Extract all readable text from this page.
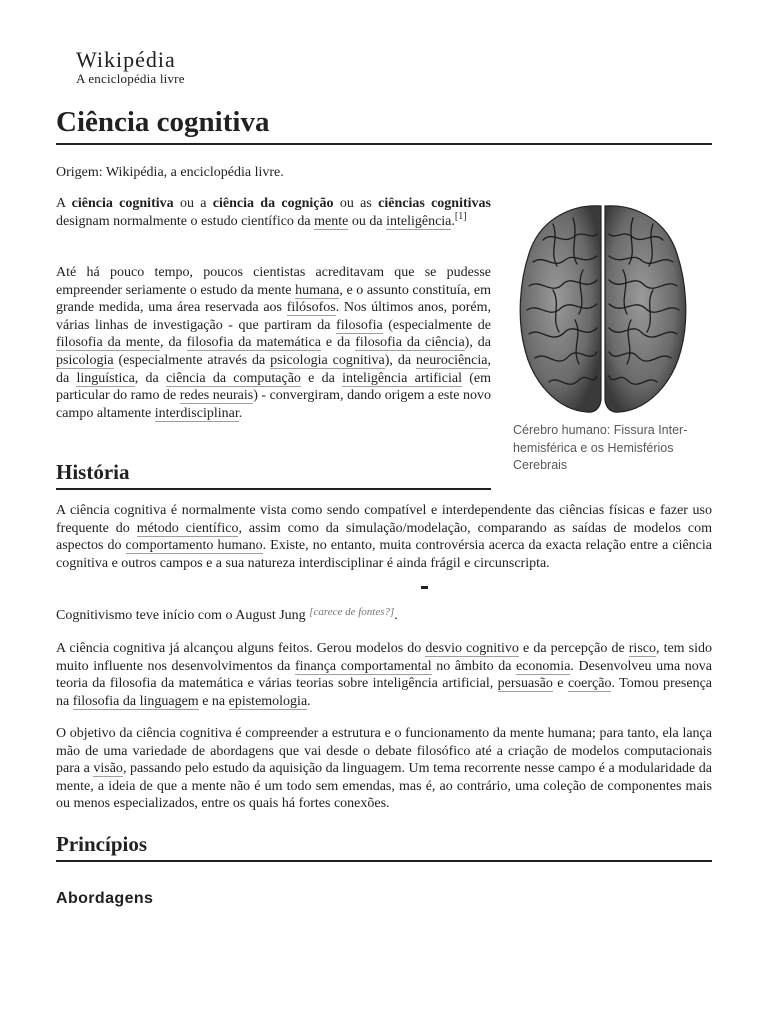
Wikipédia
A enciclopédia livre
Ciência cognitiva
Origem: Wikipédia, a enciclopédia livre.

A ciência cognitiva ou a ciência da cognição ou as ciências cognitivas designam normalmente o estudo científico da mente ou da inteligência.[1]

Até há pouco tempo, poucos cientistas acreditavam que se pudesse empreender seriamente o estudo da mente humana, e o assunto constituía, em grande medida, uma área reservada aos filósofos. Nos últimos anos, porém, várias linhas de investigação - que partiram da filosofia (especialmente de filosofia da mente, da filosofia da matemática e da filosofia da ciência), da psicologia (especialmente através da psicologia cognitiva), da neurociência, da linguística, da ciência da computação e da inteligência artificial (em particular do ramo de redes neurais) - convergiram, dando origem a este novo campo altamente interdisciplinar.

Cérebro humano: Fissura Inter-hemisférica e os Hemisférios Cerebrais
História

A ciência cognitiva é normalmente vista como sendo compatível e interdependente das ciências físicas e fazer uso frequente do método científico, assim como da simulação/modelação, comparando as saídas de modelos com aspectos do comportamento humano. Existe, no entanto, muita controvérsia acerca da exacta relação entre a ciência cognitiva e outros campos e a sua natureza interdisciplinar é ainda frágil e circunscripta.

Cognitivismo teve início com o August Jung [carece de fontes?].

A ciência cognitiva já alcançou alguns feitos. Gerou modelos do desvio cognitivo e da percepção de risco, tem sido muito influente nos desenvolvimentos da finança comportamental no âmbito da economia. Desenvolveu uma nova teoria da filosofia da matemática e várias teorias sobre inteligência artificial, persuasão e coerção. Tomou presença na filosofia da linguagem e na epistemologia.

O objetivo da ciência cognitiva é compreender a estrutura e o funcionamento da mente humana; para tanto, ela lança mão de uma variedade de abordagens que vai desde o debate filosófico até a criação de modelos computacionais para a visão, passando pelo estudo da aquisição da linguagem. Um tema recorrente nesse campo é a modularidade da mente, a ideia de que a mente não é um todo sem emendas, mas é, ao contrário, uma coleção de componentes mais ou menos especializados, entre os quais há fortes conexões.

Princípios
Abordagens
